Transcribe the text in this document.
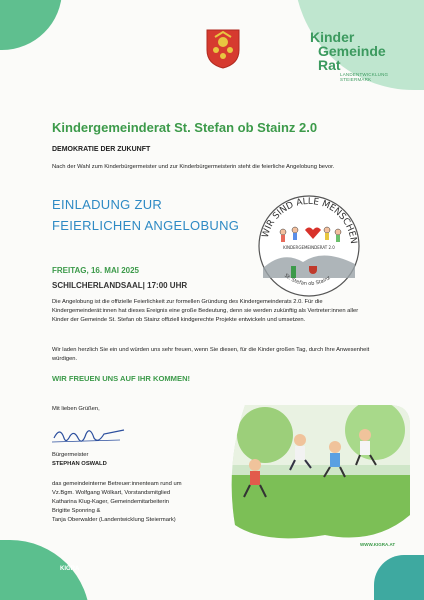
Kinder
Gemeinde
Rat
LANDENTWICKLUNG STEIERMARK
Kindergemeinderat St. Stefan ob Stainz 2.0
DEMOKRATIE DER ZUKUNFT
Nach der Wahl zum Kinderbürgermeister und zur Kinderbürgermeisterin steht die feierliche Angelobung bevor.
EINLADUNG ZUR
FEIERLICHEN ANGELOBUNG
WIR SIND ALLE MENSCHEN
KINDERGEMEINDERAT 2.0
St. Stefan ob Stainz
FREITAG, 16. MAI 2025
SCHILCHERLANDSAAL| 17:00 UHR
Die Angelobung ist die offizielle Feierlichkeit zur formellen Gründung des Kindergemeinderats 2.0. Für die Kindergemeinderät:innen hat dieses Ereignis eine große Bedeutung, denn sie werden zukünftig als Vertreter:innen aller Kinder der Gemeinde St. Stefan ob Stainz offiziell kindgerechte Projekte entwickeln und umsetzen.
Wir laden herzlich Sie ein und würden uns sehr freuen, wenn Sie diesen, für die Kinder großen Tag, durch Ihre Anwesenheit würdigen.
WIR FREUEN UNS AUF IHR KOMMEN!
Mit lieben Grüßen,
Bürgermeister
STEPHAN OSWALD
das gemeindeinterne Betreuer:innenteam rund um
Vz.Bgm. Wolfgang Wölkart, Vorstandsmitglied
Katharina Klug-Kager, Gemeindemitarbeiterin
Brigitte Sponring &
Tanja Oberwalder (Landentwicklung Steiermark)
WWW.KIGRA.AT
KIGRA
